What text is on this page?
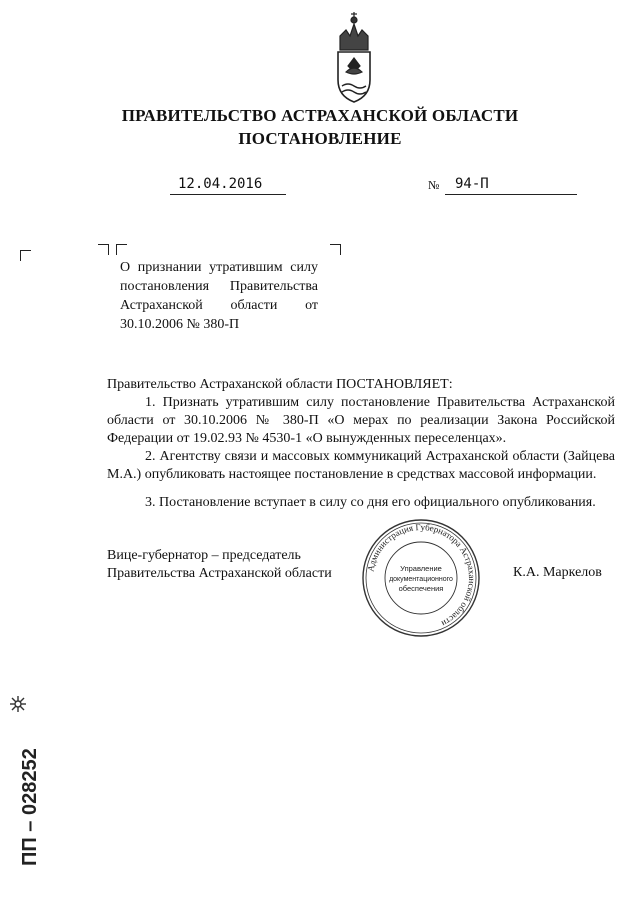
ПРАВИТЕЛЬСТВО АСТРАХАНСКОЙ ОБЛАСТИ
ПОСТАНОВЛЕНИЕ
12.04.2016	№	94-П
О признании утратившим силу постановления Правительства Астраханской области от 30.10.2006 № 380-П
Правительство Астраханской области ПОСТАНОВЛЯЕТ:
1. Признать утратившим силу постановление Правительства Астраханской области от 30.10.2006 № 380-П «О мерах по реализации Закона Российской Федерации от 19.02.93 № 4530-1 «О вынужденных переселенцах».
2. Агентству связи и массовых коммуникаций Астраханской области (Зайцева М.А.) опубликовать настоящее постановление в средствах массовой информации.
3. Постановление вступает в силу со дня его официального опубликования.
Вице-губернатор – председатель
Правительства Астраханской области	К.А. Маркелов
Администрация Губернатора Астраханской области
Управление
документационного
обеспечения
ПП – 028252
